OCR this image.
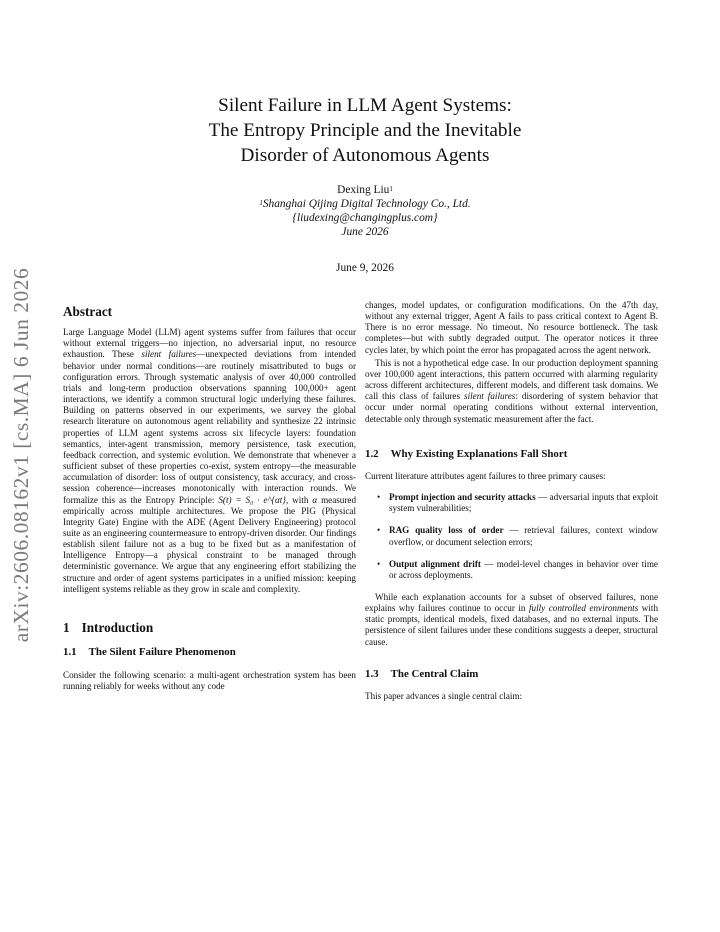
arXiv:2606.08162v1 [cs.MA] 6 Jun 2026
Silent Failure in LLM Agent Systems:
The Entropy Principle and the Inevitable
Disorder of Autonomous Agents
Dexing Liu$^1$
$^1$Shanghai Qijing Digital Technology Co., Ltd.
{liudexing@changingplus.com}
June 2026
June 9, 2026
Abstract

Large Language Model (LLM) agent systems suffer from failures that occur without external triggers—no injection, no adversarial input, no resource exhaustion. These silent failures—unexpected deviations from intended behavior under normal conditions—are routinely misattributed to bugs or configuration errors. Through systematic analysis of over 40,000 controlled trials and long-term production observations spanning 100,000+ agent interactions, we identify a common structural logic underlying these failures. Building on patterns observed in our experiments, we survey the global research literature on autonomous agent reliability and synthesize 22 intrinsic properties of LLM agent systems across six lifecycle layers: foundation semantics, inter-agent transmission, memory persistence, task execution, feedback correction, and systemic evolution. We demonstrate that whenever a sufficient subset of these properties co-exist, system entropy—the measurable accumulation of disorder: loss of output consistency, task accuracy, and cross-session coherence—increases monotonically with interaction rounds. We formalize this as the Entropy Principle: S(t) = S₀ · e^{αt}, with α measured empirically across multiple architectures. We propose the PIG (Physical Integrity Gate) Engine with the ADE (Agent Delivery Engineering) protocol suite as an engineering countermeasure to entropy-driven disorder. Our findings establish silent failure not as a bug to be fixed but as a manifestation of Intelligence Entropy—a physical constraint to be managed through deterministic governance. We argue that any engineering effort stabilizing the structure and order of agent systems participates in a unified mission: keeping intelligent systems reliable as they grow in scale and complexity.

1 Introduction
1.1 The Silent Failure Phenomenon

Consider the following scenario: a multi-agent orchestration system has been running reliably for weeks without any code

changes, model updates, or configuration modifications. On the 47th day, without any external trigger, Agent A fails to pass critical context to Agent B. There is no error message. No timeout. No resource bottleneck. The task completes—but with subtly degraded output. The operator notices it three cycles later, by which point the error has propagated across the agent network.

This is not a hypothetical edge case. In our production deployment spanning over 100,000 agent interactions, this pattern occurred with alarming regularity across different architectures, different models, and different task domains. We call this class of failures silent failures: disordering of system behavior that occur under normal operating conditions without external intervention, detectable only through systematic measurement after the fact.

1.2 Why Existing Explanations Fall Short

Current literature attributes agent failures to three primary causes:

• Prompt injection and security attacks — adversarial inputs that exploit system vulnerabilities;
• RAG quality loss of order — retrieval failures, context window overflow, or document selection errors;
• Output alignment drift — model-level changes in behavior over time or across deployments.

While each explanation accounts for a subset of observed failures, none explains why failures continue to occur in fully controlled environments with static prompts, identical models, fixed databases, and no external inputs. The persistence of silent failures under these conditions suggests a deeper, structural cause.

1.3 The Central Claim

This paper advances a single central claim:
